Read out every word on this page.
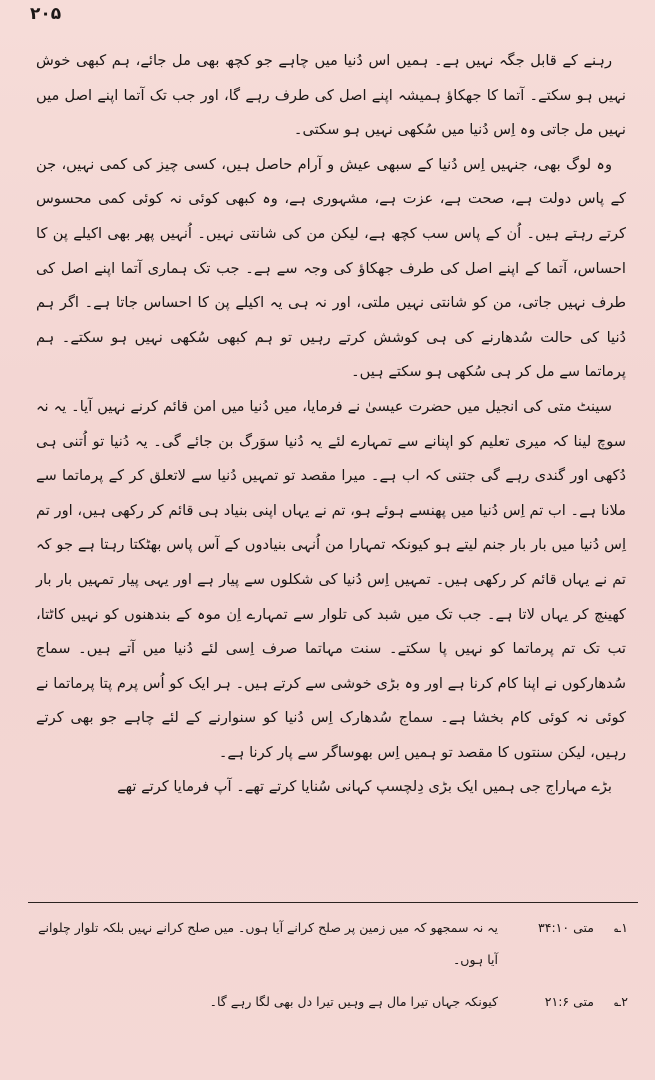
۲۰۵

رہنے کے قابل جگہ نہیں ہے۔ ہمیں اس دُنیا میں چاہے جو کچھ بھی مل جائے، ہم کبھی خوش نہیں ہو سکتے۔ آتما کا جھکاؤ ہمیشہ اپنے اصل کی طرف رہے گا، اور جب تک آتما اپنے اصل میں نہیں مل جاتی وہ اِس دُنیا میں سُکھی نہیں ہو سکتی۔

وہ لوگ بھی، جنہیں اِس دُنیا کے سبھی عیش و آرام حاصل ہیں، کسی چیز کی کمی نہیں، جن کے پاس دولت ہے، صحت ہے، عزت ہے، مشہوری ہے، وہ کبھی کوئی نہ کوئی کمی محسوس کرتے رہتے ہیں۔ اُن کے پاس سب کچھ ہے، لیکن من کی شانتی نہیں۔ اُنہیں پھر بھی اکیلے پن کا احساس، آتما کے اپنے اصل کی طرف جھکاؤ کی وجہ سے ہے۔ جب تک ہماری آتما اپنے اصل کی طرف نہیں جاتی، من کو شانتی نہیں ملتی، اور نہ ہی یہ اکیلے پن کا احساس جاتا ہے۔ اگر ہم دُنیا کی حالت سُدھارنے کی ہی کوشش کرتے رہیں تو ہم کبھی سُکھی نہیں ہو سکتے۔ ہم پرماتما سے مل کر ہی سُکھی ہو سکتے ہیں۔

سینٹ متی کی انجیل میں حضرت عیسیٰ نے فرمایا، میں دُنیا میں امن قائم کرنے نہیں آیا۔ یہ نہ سوچ لینا کہ میری تعلیم کو اپنانے سے تمہارے لئے یہ دُنیا سوَرگ بن جائے گی۔ یہ دُنیا تو اُتنی ہی دُکھی اور گندی رہے گی جتنی کہ اب ہے۔ میرا مقصد تو تمہیں دُنیا سے لاتعلق کر کے پرماتما سے ملانا ہے۔ اب تم اِس دُنیا میں پھنسے ہوئے ہو، تم نے یہاں اپنی بنیاد ہی قائم کر رکھی ہیں، اور تم اِس دُنیا میں بار بار جنم لیتے ہو کیونکہ تمہارا من اُنہی بنیادوں کے آس پاس بھٹکتا رہتا ہے جو کہ تم نے یہاں قائم کر رکھی ہیں۔ تمہیں اِس دُنیا کی شکلوں سے پیار ہے اور یہی پیار تمہیں بار بار کھینچ کر یہاں لاتا ہے۔ جب تک میں شبد کی تلوار سے تمہارے اِن موہ کے بندھنوں کو نہیں کاٹتا، تب تک تم پرماتما کو نہیں پا سکتے۔ سنت مہاتما صرف اِسی لئے دُنیا میں آتے ہیں۔ سماج سُدھارکوں نے اپنا کام کرنا ہے اور وہ بڑی خوشی سے کرتے ہیں۔ ہر ایک کو اُس پرم پتا پرماتما نے کوئی نہ کوئی کام بخشا ہے۔ سماج سُدھارک اِس دُنیا کو سنوارنے کے لئے چاہے جو بھی کرتے رہیں، لیکن سنتوں کا مقصد تو ہمیں اِس بھوساگر سے پار کرنا ہے۔

بڑے مہاراج جی ہمیں ایک بڑی دِلچسپ کہانی سُنایا کرتے تھے۔ آپ فرمایا کرتے تھے

۱؎
متی ۳۴:۱۰
یہ نہ سمجھو کہ میں زمین پر صلح کرانے آیا ہوں۔ میں صلح کرانے نہیں بلکہ تلوار چلوانے آیا ہوں۔
۲؎
متی ۲۱:۶
کیونکہ جہاں تیرا مال ہے وہیں تیرا دل بھی لگا رہے گا۔
